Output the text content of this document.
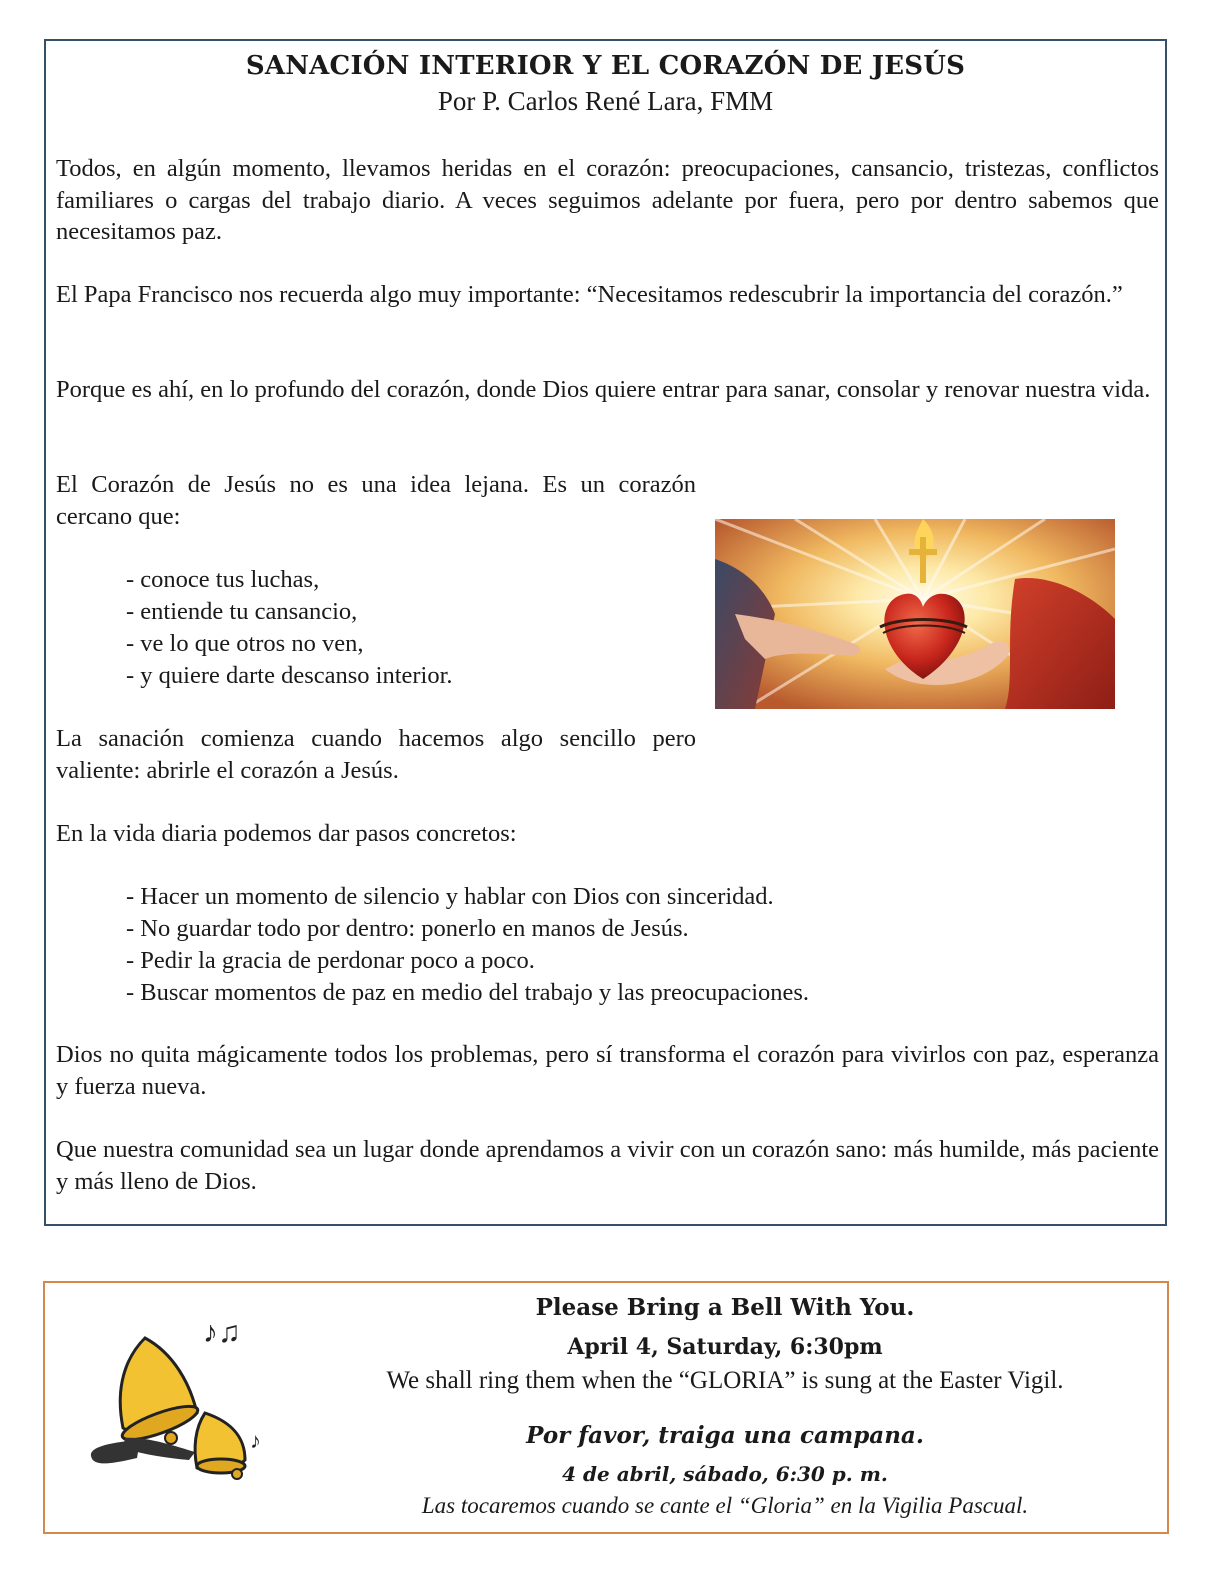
SANACIÓN INTERIOR Y EL CORAZÓN DE JESÚS

Por P. Carlos René Lara, FMM

Todos, en algún momento, llevamos heridas en el corazón: preocupaciones, cansancio, tristezas, conflictos familiares o cargas del trabajo diario. A veces seguimos adelante por fuera, pero por dentro sabemos que necesitamos paz.

El Papa Francisco nos recuerda algo muy importante: “Necesitamos redescubrir la importancia del corazón.”

Porque es ahí, en lo profundo del corazón, donde Dios quiere entrar para sanar, consolar y renovar nuestra vida.

El Corazón de Jesús no es una idea lejana. Es un corazón cercano que:

- conoce tus luchas,
- entiende tu cansancio,
- ve lo que otros no ven,
- y quiere darte descanso interior.

La sanación comienza cuando hacemos algo sencillo pero valiente: abrirle el corazón a Jesús.

En la vida diaria podemos dar pasos concretos:

- Hacer un momento de silencio y hablar con Dios con sinceridad.
- No guardar todo por dentro: ponerlo en manos de Jesús.
- Pedir la gracia de perdonar poco a poco.
- Buscar momentos de paz en medio del trabajo y las preocupaciones.

Dios no quita mágicamente todos los problemas, pero sí transforma el corazón para vivirlos con paz, esperanza y fuerza nueva.

Que nuestra comunidad sea un lugar donde aprendamos a vivir con un corazón sano: más humilde, más paciente y más lleno de Dios.

♪♫
♪

Please Bring a Bell With You.

April 4, Saturday, 6:30pm

We shall ring them when the “GLORIA” is sung at the Easter Vigil.

Por favor, traiga una campana.

4 de abril, sábado, 6:30 p. m.

Las tocaremos cuando se cante el “Gloria” en la Vigilia Pascual.
